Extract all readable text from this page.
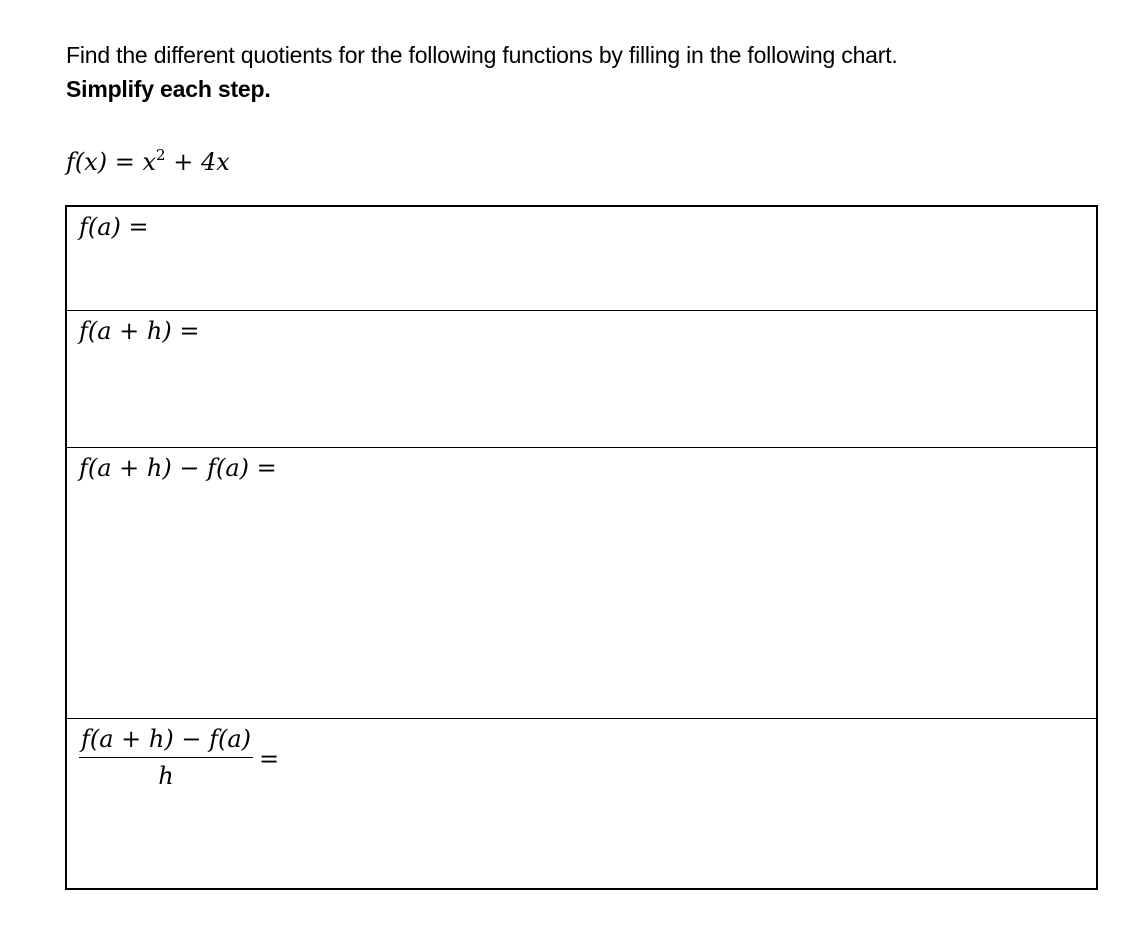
Find the different quotients for the following functions by filling in the following chart.
Simplify each step.
$f(x) = x^2 + 4x$
f(a) =
f(a + h) =
f(a + h) − f(a) =
$\frac{f(a + h) - f(a)}{h}$ =
